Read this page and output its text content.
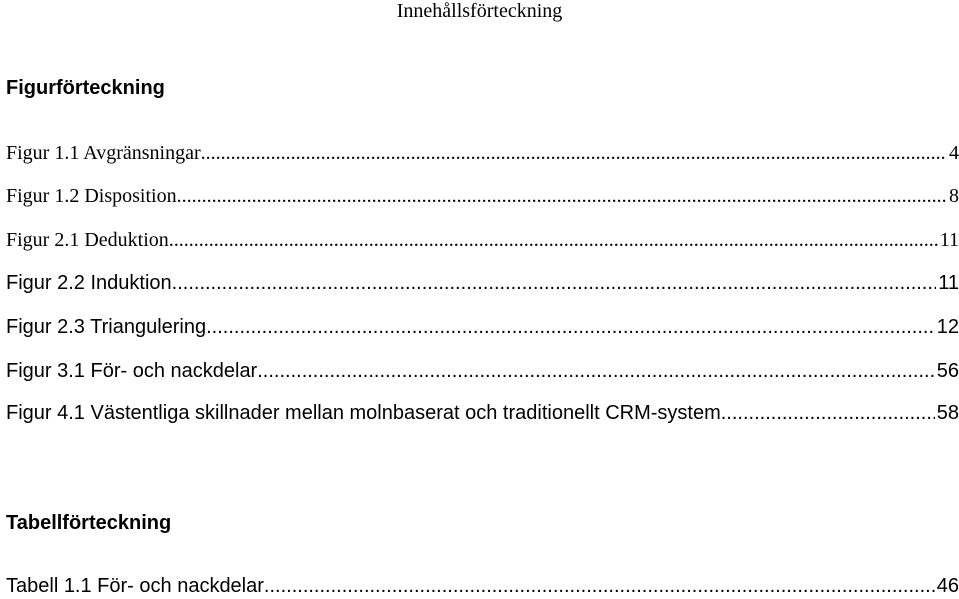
Innehållsförteckning
Figurförteckning
Figur 1.1 Avgränsningar .....	4
Figur 1.2 Disposition .....	8
Figur 2.1 Deduktion .....	11
Figur 2.2 Induktion .....	11
Figur 2.3 Triangulering .....	12
Figur 3.1 För- och nackdelar .....	56
Figur 4.1 Västentliga skillnader mellan molnbaserat och traditionellt CRM-system .....	58
Tabellförteckning
Tabell 1.1 För- och nackdelar .....	46
